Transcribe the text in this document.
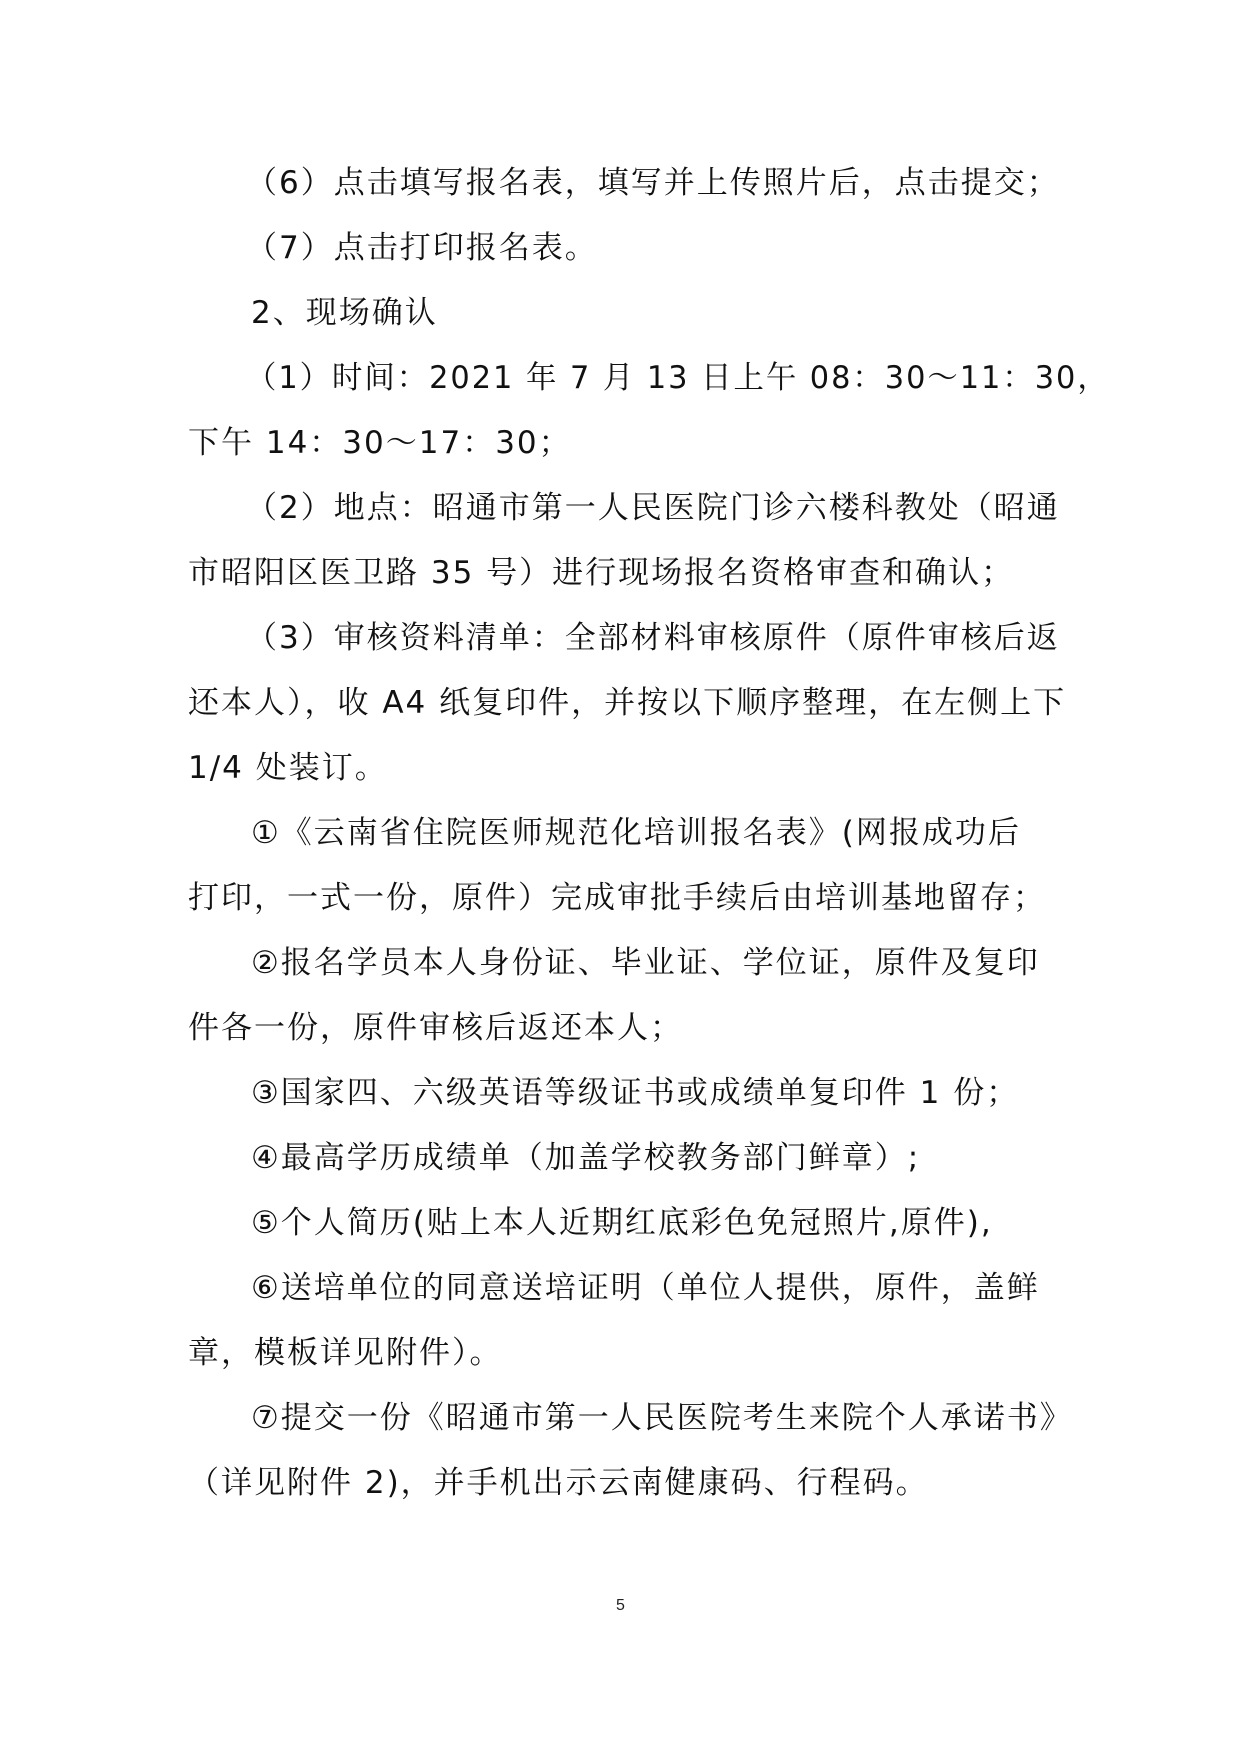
（6）点击填写报名表，填写并上传照片后，点击提交；
（7）点击打印报名表。
2、现场确认
（1）时间：2021 年 7 月 13 日上午 08：30～11：30，
下午 14：30～17：30；
（2）地点：昭通市第一人民医院门诊六楼科教处（昭通
市昭阳区医卫路 35 号）进行现场报名资格审查和确认；
（3）审核资料清单：全部材料审核原件（原件审核后返
还本人），收 A4 纸复印件，并按以下顺序整理，在左侧上下
1/4 处装订。
①《云南省住院医师规范化培训报名表》(网报成功后
打印，一式一份，原件）完成审批手续后由培训基地留存；
②报名学员本人身份证、毕业证、学位证，原件及复印
件各一份，原件审核后返还本人；
③国家四、六级英语等级证书或成绩单复印件 1 份；
④最高学历成绩单（加盖学校教务部门鲜章）;
⑤个人简历(贴上本人近期红底彩色免冠照片,原件),
⑥送培单位的同意送培证明（单位人提供，原件，盖鲜
章，模板详见附件）。
⑦提交一份《昭通市第一人民医院考生来院个人承诺书》
（详见附件 2)，并手机出示云南健康码、行程码。
5
